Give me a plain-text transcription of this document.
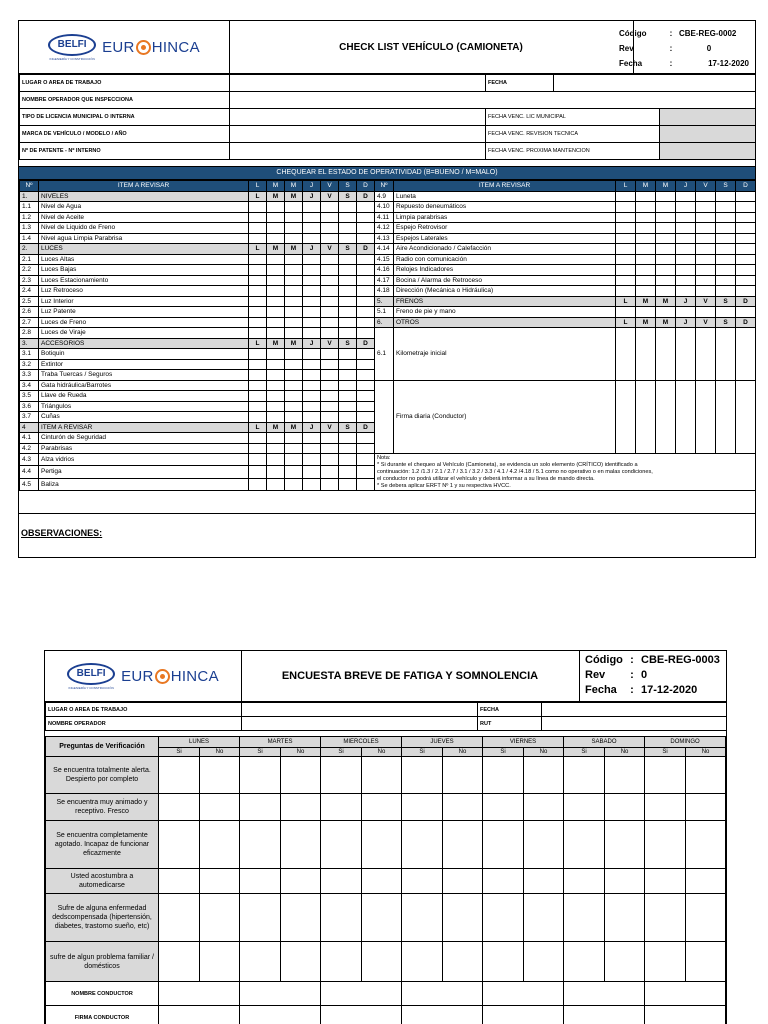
BELFI
INGENIERÍA Y CONSTRUCCIÓN
EUR HINCA	CHECK LIST VEHÍCULO (CAMIONETA)
Código	: CBE-REG-0002
Rev	:	0
Fecha	:	17-12-2020
LUGAR O AREA DE TRABAJO		FECHA		
NOMBRE OPERADOR QUE INSPECCIONA				
TIPO DE LICENCIA MUNICIPAL O INTERNA		FECHA VENC. LIC MUNICIPAL		
MARCA DE VEHÍCULO / MODELO / AÑO		FECHA VENC. REVISION TECNICA		
Nº DE PATENTE - Nº INTERNO		FECHA VENC. PROXIMA MANTENCION		
CHEQUEAR EL ESTADO DE OPERATIVIDAD (B=BUENO / M=MALO)
Nº	ITEM A REVISAR	L	M	M	J	V	S	D	Nº	ITEM A REVISAR	L	M	M	J	V	S	D
1.	NIVELES	L	M	M	J	V	S	D	4.9	Luneta							
1.1	Nivel de Agua								4.10	Repuesto deneumáticos							
1.2	Nivel de Aceite								4.11	Limpia parabrisas							
1.3	Nivel de Liquido de Freno								4.12	Espejo Retrovisor							
1.4	Nivel agua Limpia Parabrisa								4.13	Espejos Laterales							
2.	LUCES	L	M	M	J	V	S	D	4.14	Aire Acondicionado / Calefacción							
2.1	Luces Altas								4.15	Radio con comunicación							
2.2	Luces Bajas								4.16	Relojes Indicadores							
2.3	Luces Estacionamiento								4.17	Bocina / Alarma de Retroceso							
2.4	Luz Retroceso								4.18	Dirección (Mecánica o Hidráulica)							
2.5	Luz Interior								5.	FRENOS	L	M	M	J	V	S	D
2.6	Luz Patente								5.1	Freno de pie y mano							
2.7	Luces de Freno								6.	OTROS	L	M	M	J	V	S	D
2.8	Luces de Viraje								6.1	Kilometraje inicial							
3.	ACCESORIOS	L	M	M	J	V	S	D									
3.1	Botiquin																
3.2	Extintor																
3.3	Traba Tuercas / Seguros																
3.4	Gata hidráulica/Barrotes									Firma diaria (Conductor)							
3.5	Llave de Rueda																
3.6	Triángulos																
3.7	Cuñas																
4	ITEM A REVISAR	L	M	M	J	V	S	D									
4.1	Cinturón de Seguridad																
4.2	Parabrisas																
4.3	Alza vidrios								Nota:
* Si durante el chequeo al Vehículo (Camioneta), se evidencia un solo elemento (CRÍTICO) identificado a
continuación: 1.2 /1.3 / 2.1 / 2.7 / 3.1 / 3.2 / 3.3 / 4.1 / 4.2 /4.18 / 5.1 como no operativo o en malas condiciones,
el conductor no podrá utilizar el vehículo y deberá informar a su línea de mando directa.
* Se debera aplicar ERFT Nº 1 y su respectiva HVCC.								

4.4	Pertiga																
4.5	Baliza																
OBSERVACIONES:
BELFI
INGENIERÍA Y CONSTRUCCIÓN
EUR HINCA	ENCUESTA BREVE DE FATIGA Y SOMNOLENCIA
Código : CBE-REG-0003
Rev	: 0
Fecha	: 17-12-2020
LUGAR O AREA DE TRABAJO		FECHA	
NOMBRE OPERADOR		RUT	
Preguntas de Verificación	LUNES		MARTES		MIERCOLES		JUEVES		VIERNES		SABADO		DOMINGO	
	Si	No	Si	No	Si	No	Si	No	Si	No	Si	No	Si	No
Se encuentra totalmente alerta. Despierto por completo														
Se encuentra muy animado y receptivo. Fresco														
Se encuentra completamente agotado. Incapaz de funcionar eficazmente														
Usted acostumbra a automedicarse														
Sufre de alguna enfermedad dedscompensada (hipertensión, diabetes, trastorno sueño, etc)														
sufre de algun problema familiar / domésticos														
NOMBRE CONDUCTOR														
FIRMA CONDUCTOR														
